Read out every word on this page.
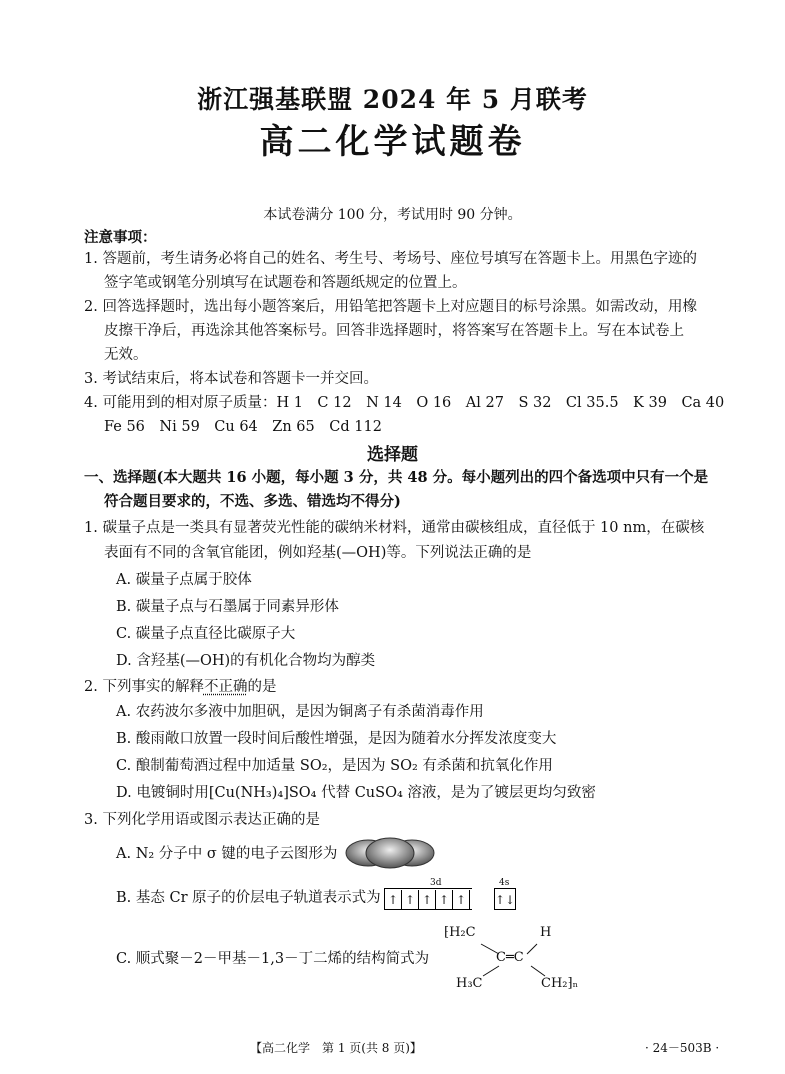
浙江强基联盟 2024 年 5 月联考
高二化学试题卷
本试卷满分 100 分，考试用时 90 分钟。
注意事项：
1. 答题前，考生请务必将自己的姓名、考生号、考场号、座位号填写在答题卡上。用黑色字迹的
签字笔或钢笔分别填写在试题卷和答题纸规定的位置上。
2. 回答选择题时，选出每小题答案后，用铅笔把答题卡上对应题目的标号涂黑。如需改动，用橡
皮擦干净后，再选涂其他答案标号。回答非选择题时，将答案写在答题卡上。写在本试卷上
无效。
3. 考试结束后，将本试卷和答题卡一并交回。
4. 可能用到的相对原子质量：H 1　C 12　N 14　O 16　Al 27　S 32　Cl 35.5　K 39　Ca 40
Fe 56　Ni 59　Cu 64　Zn 65　Cd 112
选择题
一、选择题(本大题共 16 小题，每小题 3 分，共 48 分。每小题列出的四个备选项中只有一个是
符合题目要求的，不选、多选、错选均不得分)
1. 碳量子点是一类具有显著荧光性能的碳纳米材料，通常由碳核组成，直径低于 10 nm，在碳核
表面有不同的含氧官能团，例如羟基(—OH)等。下列说法正确的是
A. 碳量子点属于胶体
B. 碳量子点与石墨属于同素异形体
C. 碳量子点直径比碳原子大
D. 含羟基(—OH)的有机化合物均为醇类
2. 下列事实的解释不正确的是
A. 农药波尔多液中加胆矾，是因为铜离子有杀菌消毒作用
B. 酸雨敞口放置一段时间后酸性增强，是因为随着水分挥发浓度变大
C. 酿制葡萄酒过程中加适量 SO₂，是因为 SO₂ 有杀菌和抗氧化作用
D. 电镀铜时用[Cu(NH₃)₄]SO₄ 代替 CuSO₄ 溶液，是为了镀层更均匀致密
3. 下列化学用语或图示表达正确的是
A. N₂ 分子中 σ 键的电子云图形为
B. 基态 Cr 原子的价层电子轨道表示式为
3d	4s
↑ ↑ ↑ ↑ ↑	↑↓
C. 顺式聚－2－甲基－1,3－丁二烯的结构简式为
⁅H₂C	H
C═C
H₃C	CH₂⁆ₙ
【高二化学　第 1 页(共 8 页)】	· 24－503B ·
